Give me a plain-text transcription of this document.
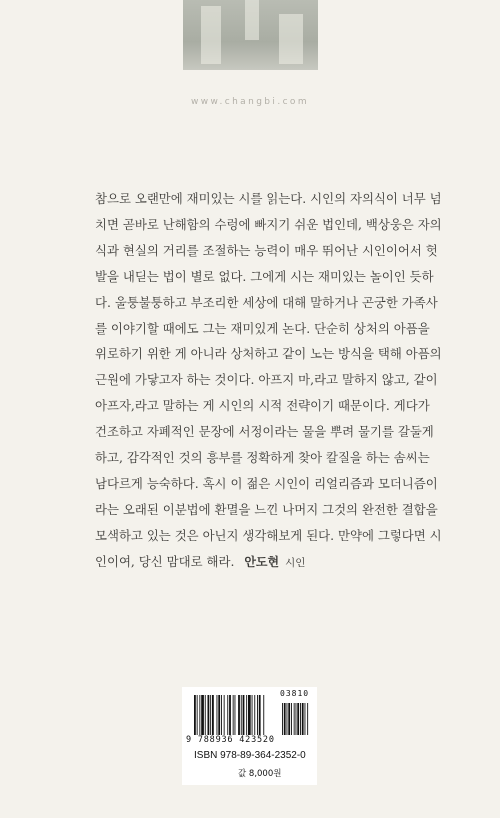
www.changbi.com
참으로 오랜만에 재미있는 시를 읽는다. 시인의 자의식이 너무 넘
치면 곧바로 난해함의 수렁에 빠지기 쉬운 법인데, 백상웅은 자의
식과 현실의 거리를 조절하는 능력이 매우 뛰어난 시인이어서 헛
발을 내딛는 법이 별로 없다. 그에게 시는 재미있는 놀이인 듯하
다. 울퉁불퉁하고 부조리한 세상에 대해 말하거나 곤궁한 가족사
를 이야기할 때에도 그는 재미있게 논다. 단순히 상처의 아픔을
위로하기 위한 게 아니라 상처하고 같이 노는 방식을 택해 아픔의
근원에 가닿고자 하는 것이다. 아프지 마,라고 말하지 않고, 같이
아프자,라고 말하는 게 시인의 시적 전략이기 때문이다. 게다가
건조하고 자폐적인 문장에 서정이라는 물을 뿌려 물기를 갈둘게
하고, 감각적인 것의 흥부를 정확하게 찾아 칼질을 하는 솜씨는
남다르게 능숙하다. 혹시 이 젊은 시인이 리얼리즘과 모더니즘이
라는 오래된 이분법에 환멸을 느낀 나머지 그것의 완전한 결합을
모색하고 있는 것은 아닌지 생각해보게 된다. 만약에 그렇다면 시
인이여, 당신 맘대로 해라. 안도현 시인
03810
9 788936 423520
ISBN 978-89-364-2352-0
값 8,000원
